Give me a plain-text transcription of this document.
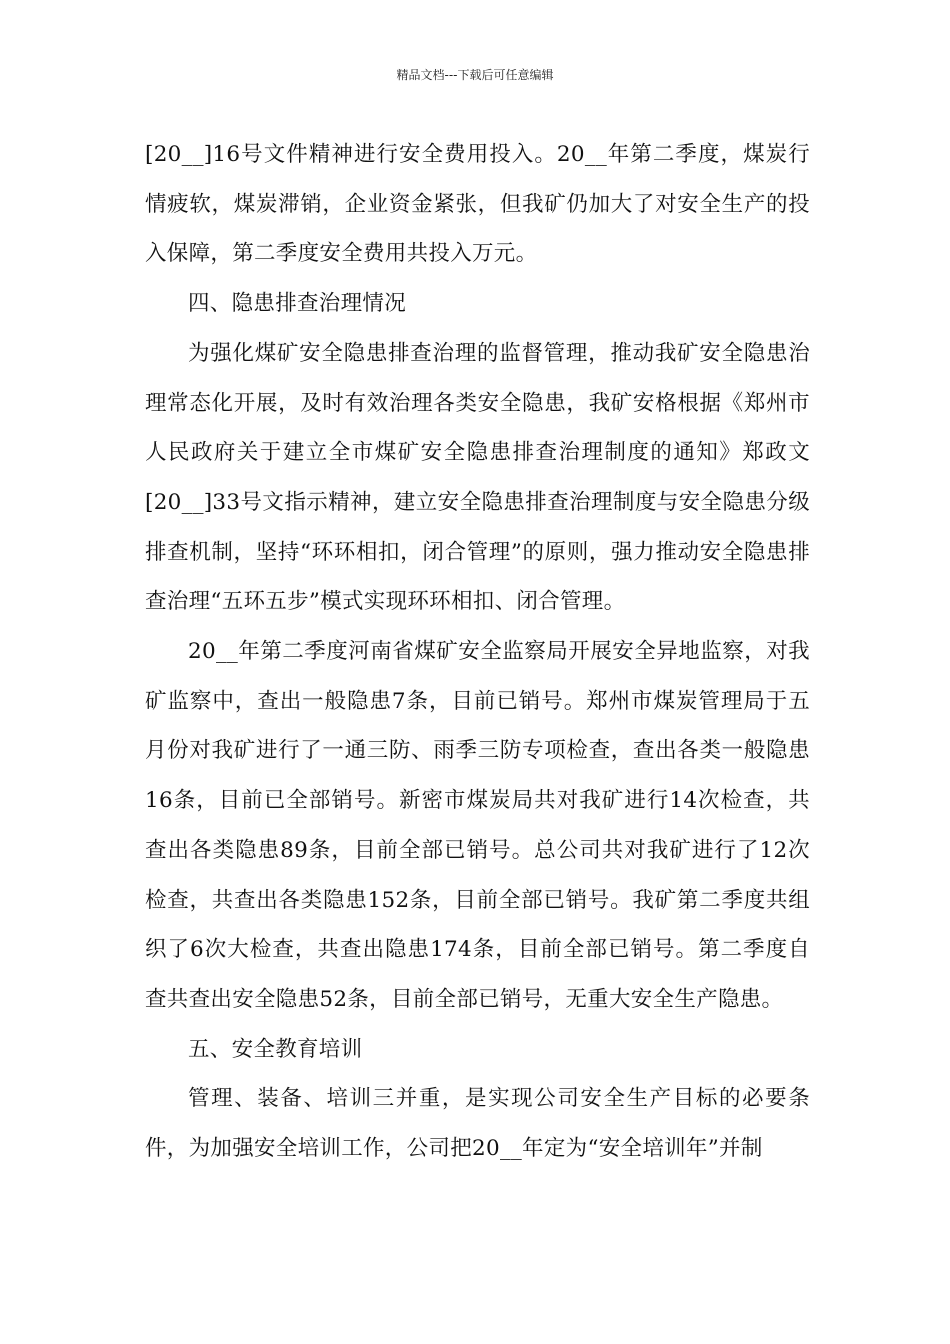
精品文档---下载后可任意编辑

[20__]16号文件精神进行安全费用投入。20__年第二季度，煤炭行情疲软，煤炭滞销，企业资金紧张，但我矿仍加大了对安全生产的投入保障，第二季度安全费用共投入万元。

四、隐患排查治理情况

为强化煤矿安全隐患排查治理的监督管理，推动我矿安全隐患治理常态化开展，及时有效治理各类安全隐患，我矿安格根据《郑州市人民政府关于建立全市煤矿安全隐患排查治理制度的通知》郑政文[20__]33号文指示精神，建立安全隐患排查治理制度与安全隐患分级排查机制，坚持“环环相扣，闭合管理”的原则，强力推动安全隐患排查治理“五环五步”模式实现环环相扣、闭合管理。

20__年第二季度河南省煤矿安全监察局开展安全异地监察，对我矿监察中，查出一般隐患7条，目前已销号。郑州市煤炭管理局于五月份对我矿进行了一通三防、雨季三防专项检查，查出各类一般隐患16条，目前已全部销号。新密市煤炭局共对我矿进行14次检查，共查出各类隐患89条，目前全部已销号。总公司共对我矿进行了12次检查，共查出各类隐患152条，目前全部已销号。我矿第二季度共组织了6次大检查，共查出隐患174条，目前全部已销号。第二季度自查共查出安全隐患52条，目前全部已销号，无重大安全生产隐患。

五、安全教育培训

管理、装备、培训三并重，是实现公司安全生产目标的必要条件，为加强安全培训工作，公司把20__年定为“安全培训年”并制
